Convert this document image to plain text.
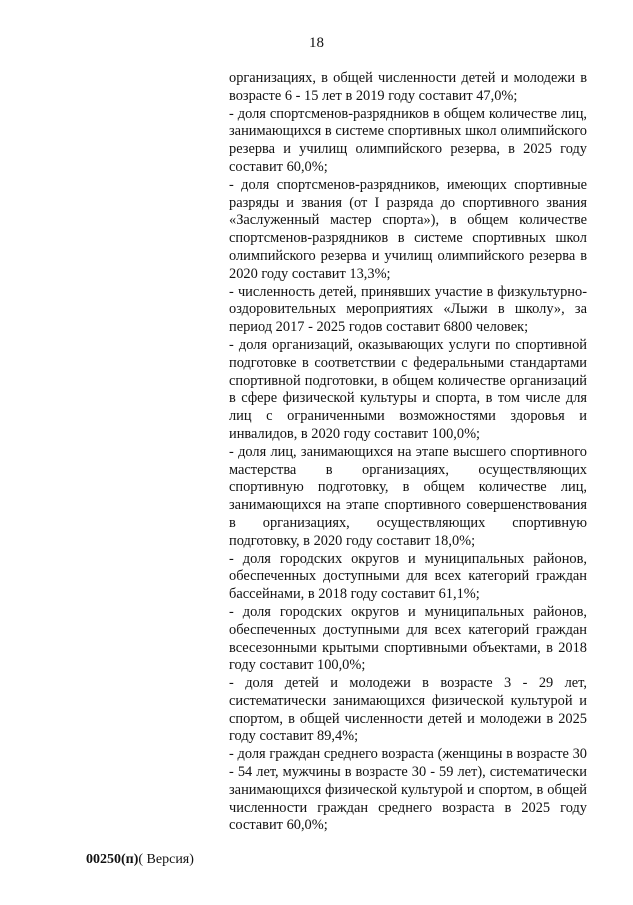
18

организациях, в общей численности детей и молодежи в возрасте 6 - 15 лет в 2019 году составит 47,0%;

- доля спортсменов-разрядников в общем количестве лиц, занимающихся в системе спортивных школ олимпийского резерва и училищ олимпийского резерва, в 2025 году составит 60,0%;

- доля спортсменов-разрядников, имеющих спортивные разряды и звания (от I разряда до спортивного звания «Заслуженный мастер спорта»), в общем количестве спортсменов-разрядников в системе спортивных школ олимпийского резерва и училищ олимпийского резерва в 2020 году составит 13,3%;

- численность детей, принявших участие в физкультурно-оздоровительных мероприятиях «Лыжи в школу», за период 2017 - 2025 годов составит 6800 человек;

- доля организаций, оказывающих услуги по спортивной подготовке в соответствии с федеральными стандартами спортивной подготовки, в общем количестве организаций в сфере физической культуры и спорта, в том числе для лиц с ограниченными возможностями здоровья и инвалидов, в 2020 году составит 100,0%;

- доля лиц, занимающихся на этапе высшего спортивного мастерства в организациях, осуществляющих спортивную подготовку, в общем количестве лиц, занимающихся на этапе спортивного совершенствования в организациях, осуществляющих спортивную подготовку, в 2020 году составит 18,0%;

- доля городских округов и муниципальных районов, обеспеченных доступными для всех категорий граждан бассейнами, в 2018 году составит 61,1%;

- доля городских округов и муниципальных районов, обеспеченных доступными для всех категорий граждан всесезонными крытыми спортивными объектами, в 2018 году составит 100,0%;

- доля детей и молодежи в возрасте 3 - 29 лет, систематически занимающихся физической культурой и спортом, в общей численности детей и молодежи в 2025 году составит 89,4%;

- доля граждан среднего возраста (женщины в возрасте 30 - 54 лет, мужчины в возрасте 30 - 59 лет), систематически занимающихся физической культурой и спортом, в общей численности граждан среднего возраста в 2025 году составит 60,0%;

00250(п)( Версия)
